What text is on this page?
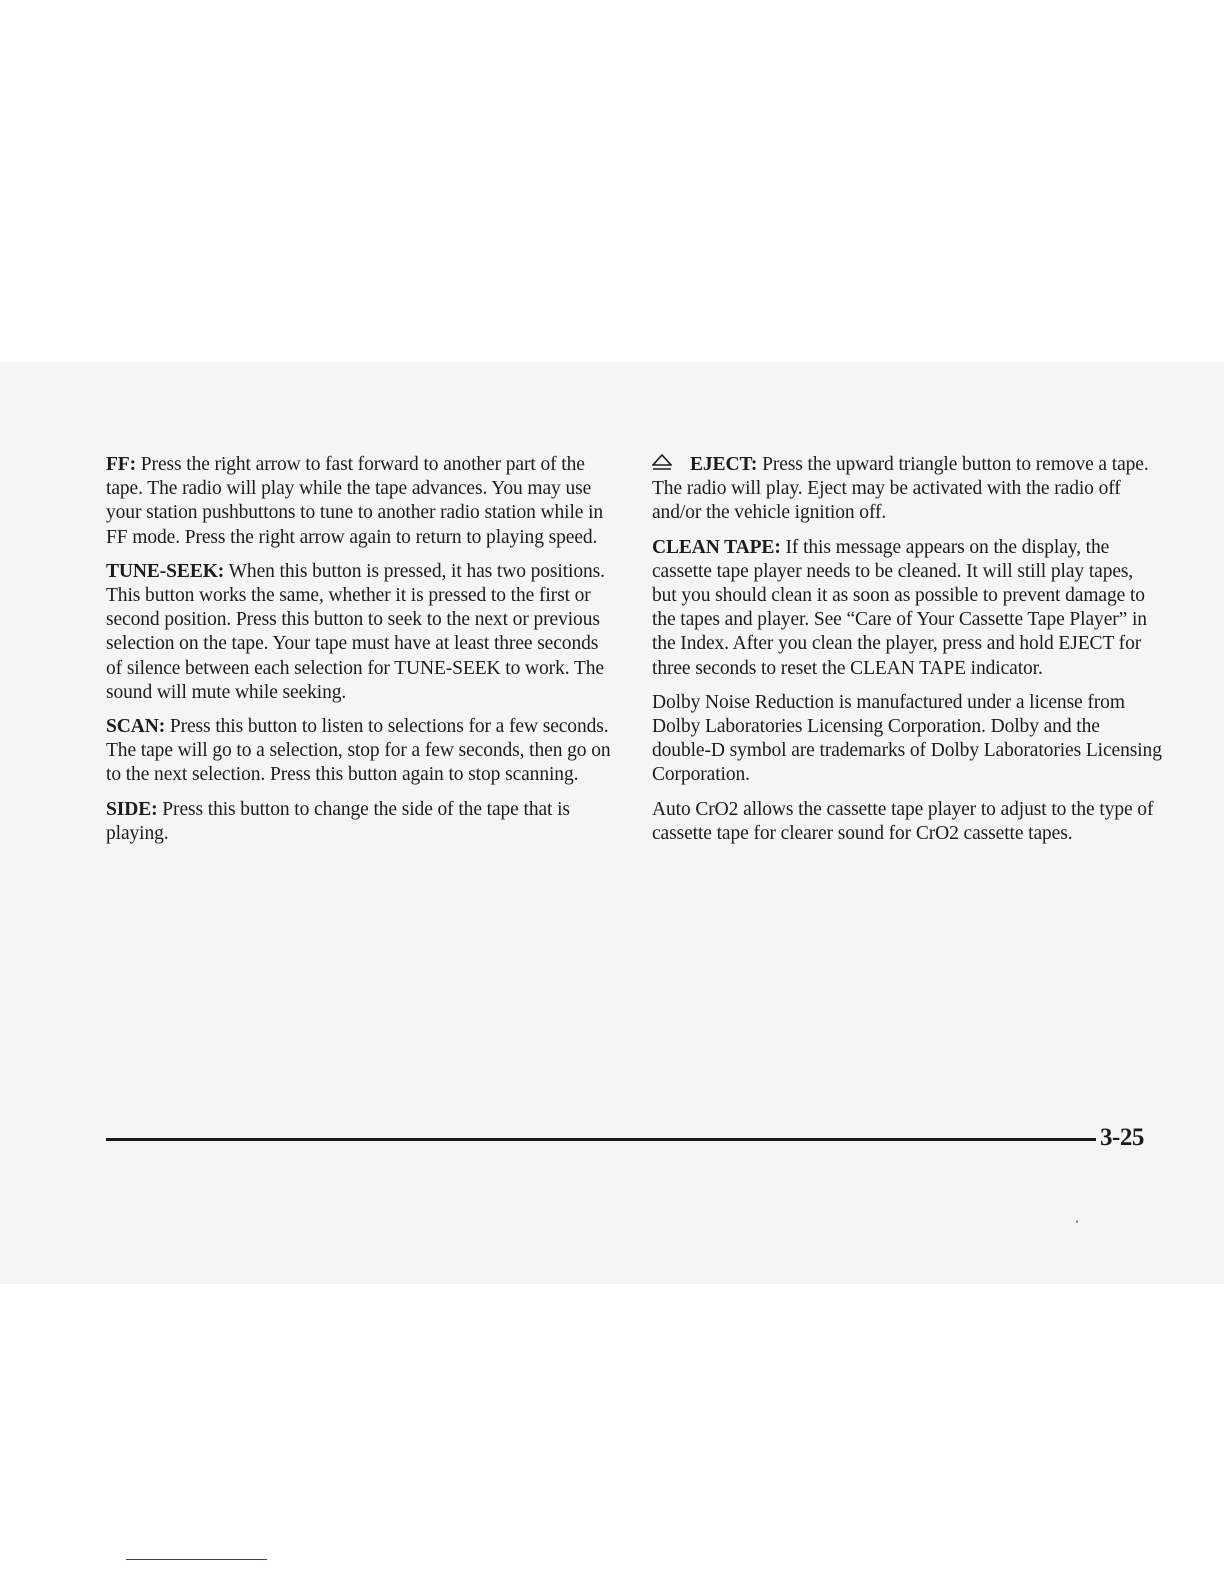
FF: Press the right arrow to fast forward to another part of the tape. The radio will play while the tape advances. You may use your station pushbuttons to tune to another radio station while in FF mode. Press the right arrow again to return to playing speed.

TUNE-SEEK: When this button is pressed, it has two positions. This button works the same, whether it is pressed to the first or second position. Press this button to seek to the next or previous selection on the tape. Your tape must have at least three seconds of silence between each selection for TUNE-SEEK to work. The sound will mute while seeking.

SCAN: Press this button to listen to selections for a few seconds. The tape will go to a selection, stop for a few seconds, then go on to the next selection. Press this button again to stop scanning.

SIDE: Press this button to change the side of the tape that is playing.

EJECT: Press the upward triangle button to remove a tape. The radio will play. Eject may be activated with the radio off and/or the vehicle ignition off.

CLEAN TAPE: If this message appears on the display, the cassette tape player needs to be cleaned. It will still play tapes, but you should clean it as soon as possible to prevent damage to the tapes and player. See “Care of Your Cassette Tape Player” in the Index. After you clean the player, press and hold EJECT for three seconds to reset the CLEAN TAPE indicator.

Dolby Noise Reduction is manufactured under a license from Dolby Laboratories Licensing Corporation. Dolby and the double-D symbol are trademarks of Dolby Laboratories Licensing Corporation.

Auto CrO2 allows the cassette tape player to adjust to the type of cassette tape for clearer sound for CrO2 cassette tapes.

3-25
